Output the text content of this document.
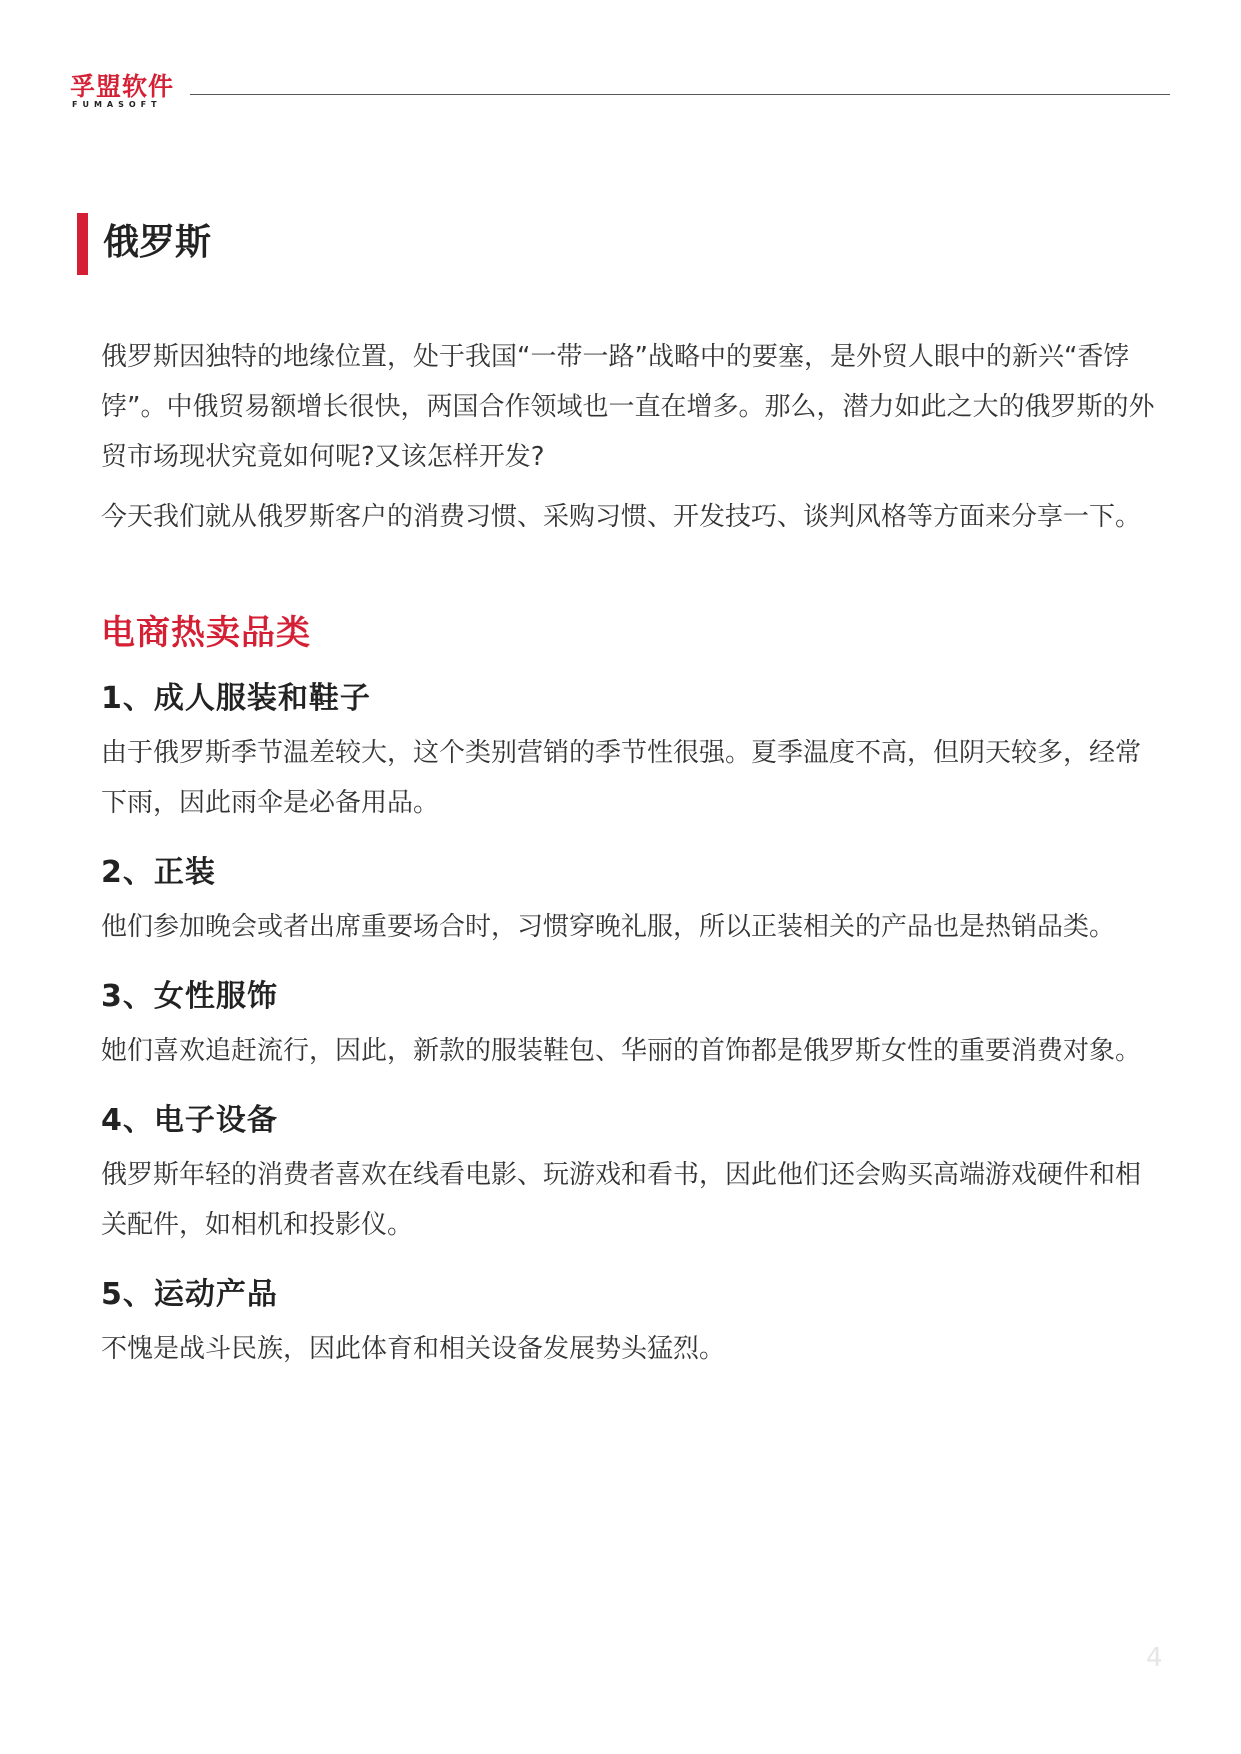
孚盟软件
FUMASOFT
俄罗斯

俄罗斯因独特的地缘位置，处于我国“一带一路”战略中的要塞，是外贸人眼中的新兴“香饽饽”。中俄贸易额增长很快，两国合作领域也一直在增多。那么，潜力如此之大的俄罗斯的外贸市场现状究竟如何呢?又该怎样开发?

今天我们就从俄罗斯客户的消费习惯、采购习惯、开发技巧、谈判风格等方面来分享一下。

电商热卖品类
1、成人服装和鞋子

由于俄罗斯季节温差较大，这个类别营销的季节性很强。夏季温度不高，但阴天较多，经常下雨，因此雨伞是必备用品。

2、正装

他们参加晚会或者出席重要场合时，习惯穿晚礼服，所以正装相关的产品也是热销品类。

3、女性服饰

她们喜欢追赶流行，因此，新款的服装鞋包、华丽的首饰都是俄罗斯女性的重要消费对象。

4、电子设备

俄罗斯年轻的消费者喜欢在线看电影、玩游戏和看书，因此他们还会购买高端游戏硬件和相关配件，如相机和投影仪。

5、运动产品

不愧是战斗民族，因此体育和相关设备发展势头猛烈。

4
